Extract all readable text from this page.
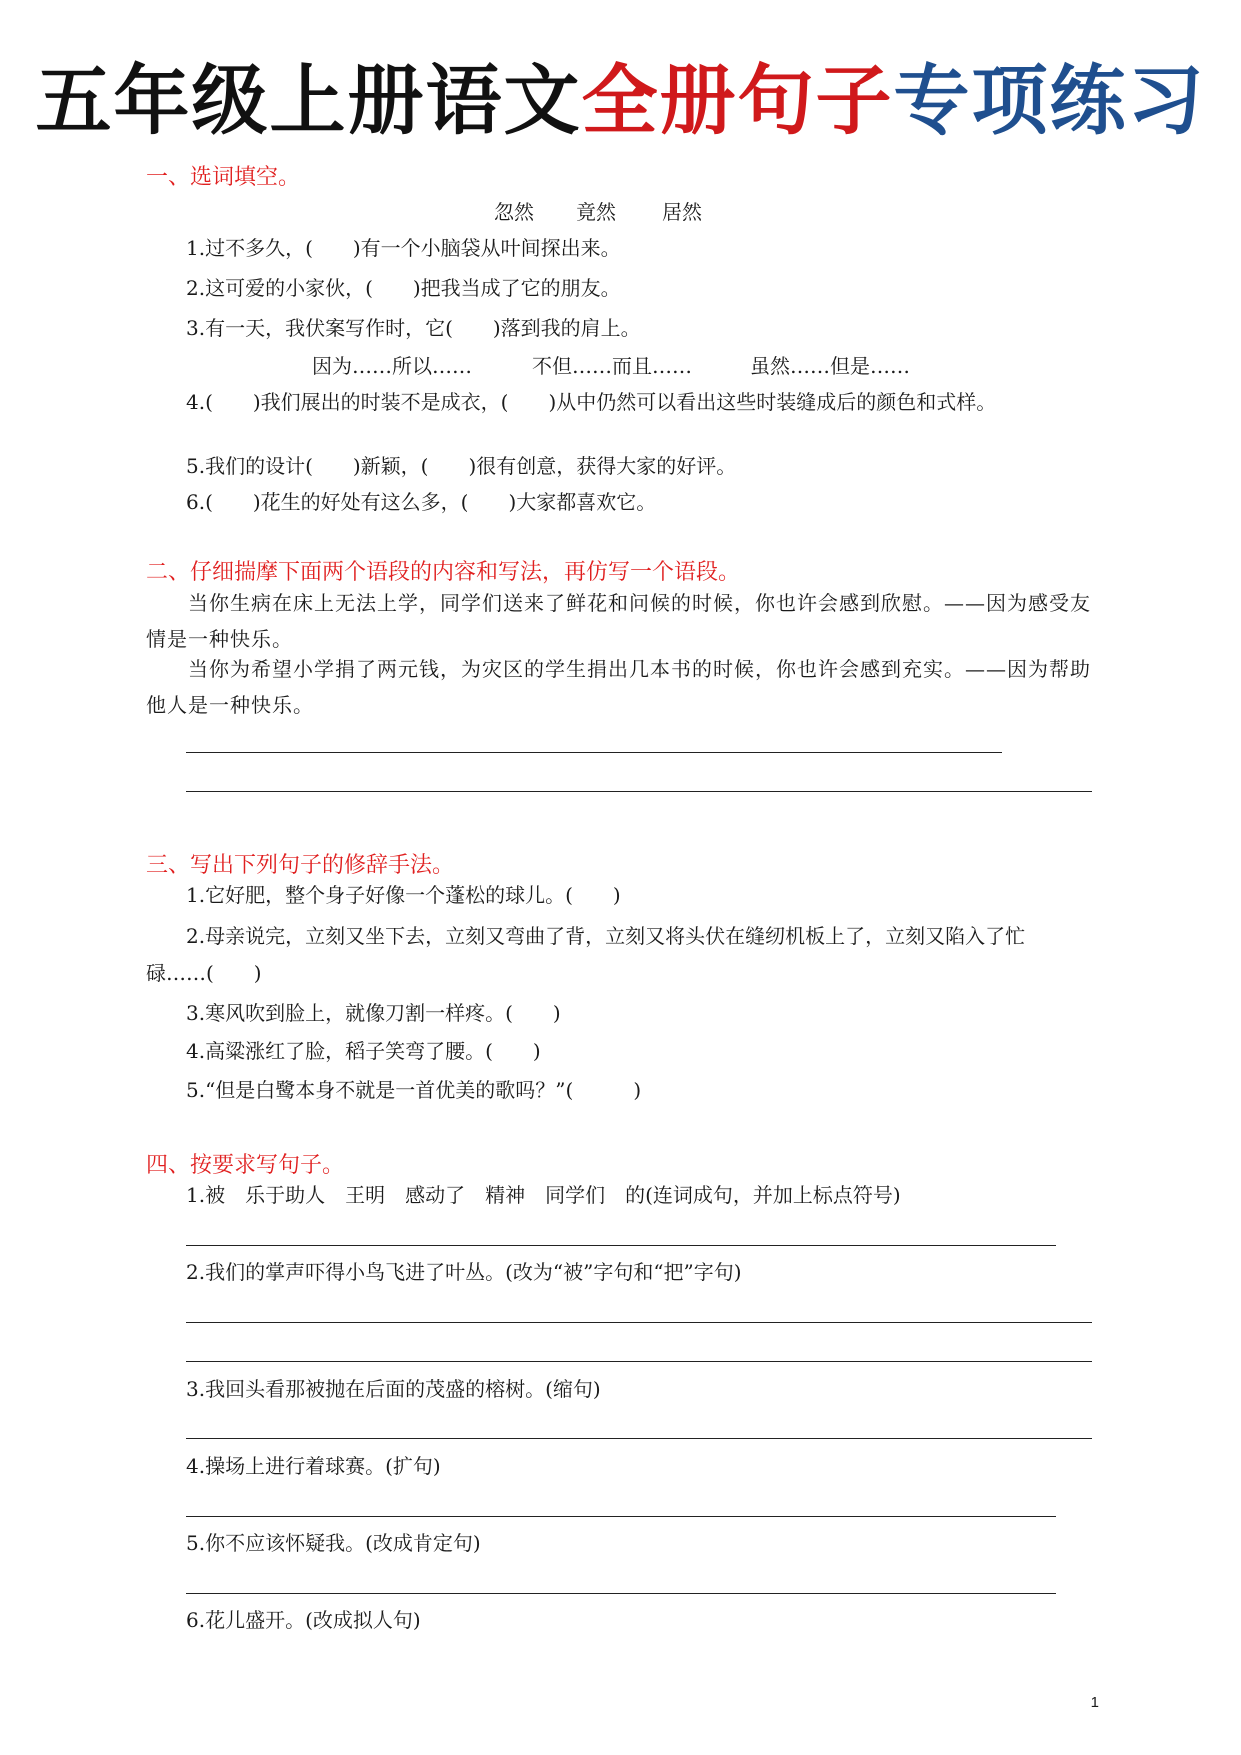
五年级上册语文全册句子专项练习
一、选词填空。
忽然 竟然 居然
1.过不多久，(　　)有一个小脑袋从叶间探出来。
2.这可爱的小家伙，(　　)把我当成了它的朋友。
3.有一天，我伏案写作时，它(　　)落到我的肩上。
因为……所以……	不但……而且……	虽然……但是……
4.(　　)我们展出的时装不是成衣，(　　)从中仍然可以看出这些时装缝成后的颜色和式样。
5.我们的设计(　　)新颖，(　　)很有创意，获得大家的好评。
6.(　　)花生的好处有这么多，(　　)大家都喜欢它。
二、仔细揣摩下面两个语段的内容和写法，再仿写一个语段。
当你生病在床上无法上学，同学们送来了鲜花和问候的时候，你也许会感到欣慰。——因为感受友情是一种快乐。
当你为希望小学捐了两元钱，为灾区的学生捐出几本书的时候，你也许会感到充实。——因为帮助他人是一种快乐。
三、写出下列句子的修辞手法。
1.它好肥，整个身子好像一个蓬松的球儿。(　　)
2.母亲说完，立刻又坐下去，立刻又弯曲了背，立刻又将头伏在缝纫机板上了，立刻又陷入了忙
碌……(　　)
3.寒风吹到脸上，就像刀割一样疼。(　　)
4.高粱涨红了脸，稻子笑弯了腰。(　　)
5.“但是白鹭本身不就是一首优美的歌吗？”(　　　)
四、按要求写句子。
1.被　乐于助人　王明　感动了　精神　同学们　的(连词成句，并加上标点符号)
2.我们的掌声吓得小鸟飞进了叶丛。(改为“被”字句和“把”字句)
3.我回头看那被抛在后面的茂盛的榕树。(缩句)
4.操场上进行着球赛。(扩句)
5.你不应该怀疑我。(改成肯定句)
6.花儿盛开。(改成拟人句)
1
